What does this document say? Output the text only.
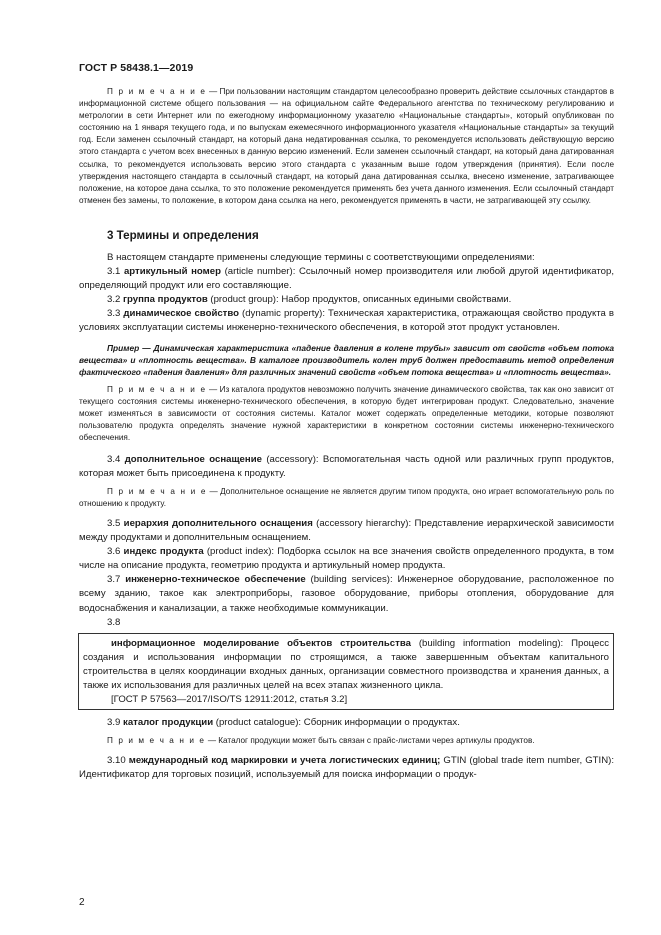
ГОСТ Р 58438.1—2019

П р и м е ч а н и е — При пользовании настоящим стандартом целесообразно проверить действие ссылочных стандартов в информационной системе общего пользования — на официальном сайте Федерального агентства по техническому регулированию и метрологии в сети Интернет или по ежегодному информационному указателю «Национальные стандарты», который опубликован по состоянию на 1 января текущего года, и по выпускам ежемесячного информационного указателя «Национальные стандарты» за текущий год. Если заменен ссылочный стандарт, на который дана недатированная ссылка, то рекомендуется использовать действующую версию этого стандарта с учетом всех внесенных в данную версию изменений. Если заменен ссылочный стандарт, на который дана датированная ссылка, то рекомендуется использовать версию этого стандарта с указанным выше годом утверждения (принятия). Если после утверждения настоящего стандарта в ссылочный стандарт, на который дана датированная ссылка, внесено изменение, затрагивающее положение, на которое дана ссылка, то это положение рекомендуется применять без учета данного изменения. Если ссылочный стандарт отменен без замены, то положение, в котором дана ссылка на него, рекомендуется применять в части, не затрагивающей эту ссылку.

3 Термины и определения

В настоящем стандарте применены следующие термины с соответствующими определениями:

3.1 артикульный номер (article number): Ссылочный номер производителя или любой другой идентификатор, определяющий продукт или его составляющие.

3.2 группа продуктов (product group): Набор продуктов, описанных едиными свойствами.

3.3 динамическое свойство (dynamic property): Техническая характеристика, отражающая свойство продукта в условиях эксплуатации системы инженерно-технического обеспечения, в которой этот продукт установлен.

Пример — Динамическая характеристика «падение давления в колене трубы» зависит от свойств «объем потока вещества» и «плотность вещества». В каталоге производитель колен труб должен предоставить метод определения фактического «падения давления» для различных значений свойств «объем потока вещества» и «плотность вещества».

П р и м е ч а н и е — Из каталога продуктов невозможно получить значение динамического свойства, так как оно зависит от текущего состояния системы инженерно-технического обеспечения, в которую будет интегрирован продукт. Следовательно, значение может изменяться в зависимости от состояния системы. Каталог может содержать определенные методики, которые позволяют пользователю продукта определять значение нужной характеристики в конкретном состоянии системы инженерно-технического обеспечения.

3.4 дополнительное оснащение (accessory): Вспомогательная часть одной или различных групп продуктов, которая может быть присоединена к продукту.

П р и м е ч а н и е — Дополнительное оснащение не является другим типом продукта, оно играет вспомогательную роль по отношению к продукту.

3.5 иерархия дополнительного оснащения (accessory hierarchy): Представление иерархической зависимости между продуктами и дополнительным оснащением.

3.6 индекс продукта (product index): Подборка ссылок на все значения свойств определенного продукта, в том числе на описание продукта, геометрию продукта и артикульный номер продукта.

3.7 инженерно-техническое обеспечение (building services): Инженерное оборудование, расположенное по всему зданию, такое как электроприборы, газовое оборудование, приборы отопления, оборудование для водоснабжения и канализации, а также необходимые коммуникации.

3.8

информационное моделирование объектов строительства (building information modeling): Процесс создания и использования информации по строящимся, а также завершенным объектам капитального строительства в целях координации входных данных, организации совместного производства и хранения данных, а также их использования для различных целей на всех этапах жизненного цикла.

[ГОСТ Р 57563—2017/ISO/TS 12911:2012, статья 3.2]

3.9 каталог продукции (product catalogue): Сборник информации о продуктах.

П р и м е ч а н и е — Каталог продукции может быть связан с прайс-листами через артикулы продуктов.

3.10 международный код маркировки и учета логистических единиц; GTIN (global trade item number, GTIN): Идентификатор для торговых позиций, используемый для поиска информации о продук-

2
